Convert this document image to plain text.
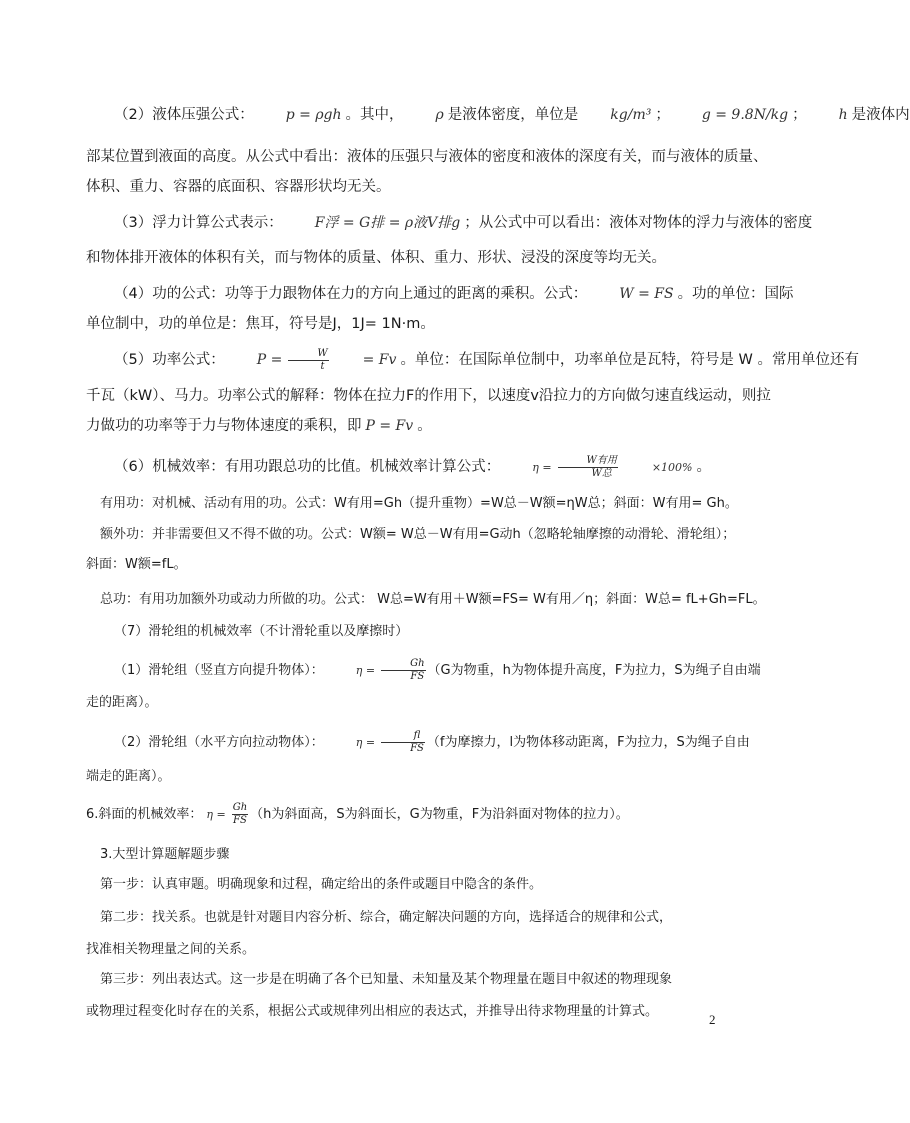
（2）液体压强公式： p = ρgh 。其中， ρ 是液体密度，单位是 kg/m³ ； g = 9.8N/kg ； h 是液体内
部某位置到液面的高度。从公式中看出：液体的压强只与液体的密度和液体的深度有关，而与液体的质量、
体积、重力、容器的底面积、容器形状均无关。
（3）浮力计算公式表示： F浮 = G排 = ρ液V排g ；从公式中可以看出：液体对物体的浮力与液体的密度
和物体排开液体的体积有关，而与物体的质量、体积、重力、形状、浸没的深度等均无关。
（4）功的公式：功等于力跟物体在力的方向上通过的距离的乘积。公式： W = FS 。功的单位：国际
单位制中，功的单位是：焦耳，符号是J，1J= 1N·m。
（5）功率公式： $P = \frac{W}{t} = Fv$ 。单位：在国际单位制中，功率单位是瓦特，符号是 W 。常用单位还有
千瓦（kW）、马力。功率公式的解释：物体在拉力F的作用下，以速度v沿拉力的方向做匀速直线运动，则拉
力做功的功率等于力与物体速度的乘积，即 P = Fv 。
（6）机械效率：有用功跟总功的比值。机械效率计算公式：	$\eta = \frac{\text{W有用}}{\text{W总}}$	×100% 。
有用功：对机械、活动有用的功。公式：W有用=Gh（提升重物）=W总－W额=ηW总；斜面：W有用= Gh。
额外功：并非需要但又不得不做的功。公式：W额= W总－W有用=G动h（忽略轮轴摩擦的动滑轮、滑轮组）；
斜面：W额=fL。
总功：有用功加额外功或动力所做的功。公式： W总=W有用＋W额=FS= W有用／η；斜面：W总= fL+Gh=FL。
（7）滑轮组的机械效率（不计滑轮重以及摩擦时）
（1）滑轮组（竖直方向提升物体）：	$\eta = \frac{Gh}{FS} (G$为物重，h为物体提升高度，F为拉力，S为绳子自由端
走的距离）。
（2）滑轮组（水平方向拉动物体）：	$\eta = \frac{fl}{FS} (f$为摩擦力，l为物体移动距离，F为拉力，S为绳子自由
端走的距离）。
6.斜面的机械效率： $\eta = \frac{Gh}{FS} (h$为斜面高，S为斜面长，G为物重，F为沿斜面对物体的拉力）。
3.大型计算题解题步骤
第一步：认真审题。明确现象和过程，确定给出的条件或题目中隐含的条件。
第二步：找关系。也就是针对题目内容分析、综合，确定解决问题的方向，选择适合的规律和公式，
找准相关物理量之间的关系。
第三步：列出表达式。这一步是在明确了各个已知量、未知量及某个物理量在题目中叙述的物理现象
或物理过程变化时存在的关系，根据公式或规律列出相应的表达式，并推导出待求物理量的计算式。
2
